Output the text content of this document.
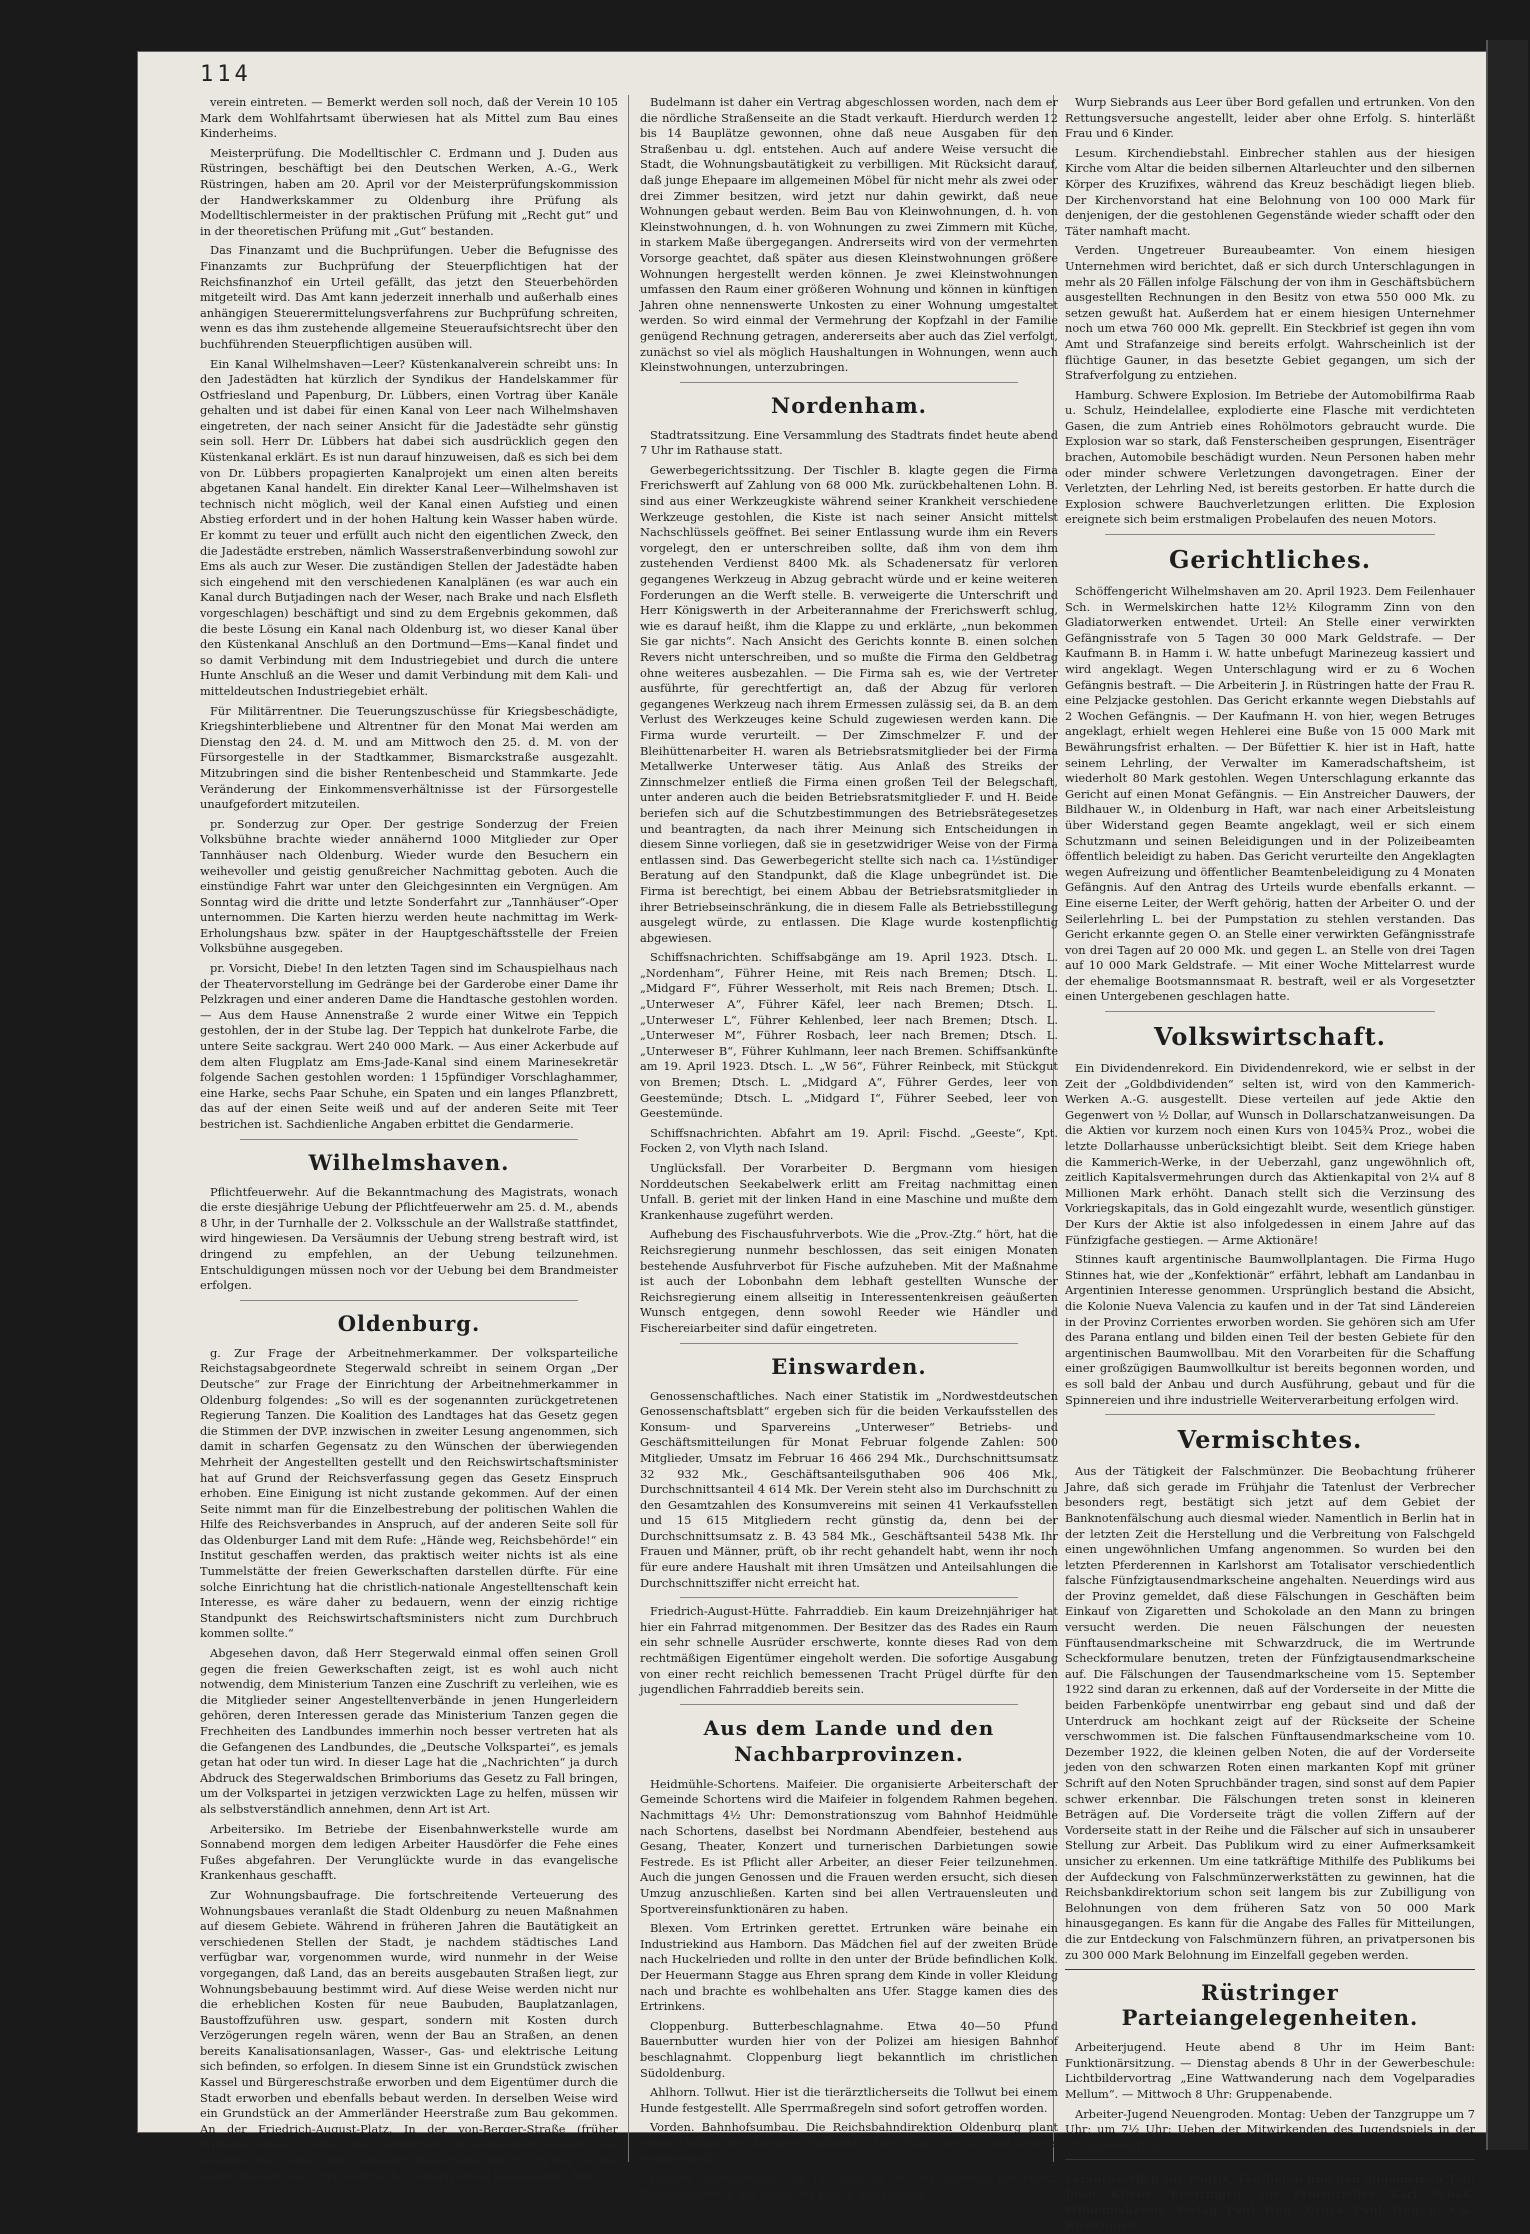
114

verein eintreten. — Bemerkt werden soll noch, daß der Verein 10 105 Mark dem Wohlfahrtsamt überwiesen hat als Mittel zum Bau eines Kinderheims.

Meisterprüfung. Die Modelltischler C. Erdmann und J. Duden aus Rüstringen, beschäftigt bei den Deutschen Werken, A.-G., Werk Rüstringen, haben am 20. April vor der Meisterprüfungskommission der Handwerkskammer zu Oldenburg ihre Prüfung als Modelltischlermeister in der praktischen Prüfung mit „Recht gut“ und in der theoretischen Prüfung mit „Gut“ bestanden.

Das Finanzamt und die Buchprüfungen. Ueber die Befugnisse des Finanzamts zur Buchprüfung der Steuerpflichtigen hat der Reichsfinanzhof ein Urteil gefällt, das jetzt den Steuerbehörden mitgeteilt wird. Das Amt kann jederzeit innerhalb und außerhalb eines anhängigen Steuerermittelungsverfahrens zur Buchprüfung schreiten, wenn es das ihm zustehende allgemeine Steueraufsichtsrecht über den buchführenden Steuerpflichtigen ausüben will.

Ein Kanal Wilhelmshaven—Leer? Küstenkanalverein schreibt uns: In den Jadestädten hat kürzlich der Syndikus der Handelskammer für Ostfriesland und Papenburg, Dr. Lübbers, einen Vortrag über Kanäle gehalten und ist dabei für einen Kanal von Leer nach Wilhelmshaven eingetreten, der nach seiner Ansicht für die Jadestädte sehr günstig sein soll. Herr Dr. Lübbers hat dabei sich ausdrücklich gegen den Küstenkanal erklärt. Es ist nun darauf hinzuweisen, daß es sich bei dem von Dr. Lübbers propagierten Kanalprojekt um einen alten bereits abgetanen Kanal handelt. Ein direkter Kanal Leer—Wilhelmshaven ist technisch nicht möglich, weil der Kanal einen Aufstieg und einen Abstieg erfordert und in der hohen Haltung kein Wasser haben würde. Er kommt zu teuer und erfüllt auch nicht den eigentlichen Zweck, den die Jadestädte erstreben, nämlich Wasserstraßenverbindung sowohl zur Ems als auch zur Weser. Die zuständigen Stellen der Jadestädte haben sich eingehend mit den verschiedenen Kanalplänen (es war auch ein Kanal durch Butjadingen nach der Weser, nach Brake und nach Elsfleth vorgeschlagen) beschäftigt und sind zu dem Ergebnis gekommen, daß die beste Lösung ein Kanal nach Oldenburg ist, wo dieser Kanal über den Küstenkanal Anschluß an den Dortmund—Ems—Kanal findet und so damit Verbindung mit dem Industriegebiet und durch die untere Hunte Anschluß an die Weser und damit Verbindung mit dem Kali- und mitteldeutschen Industriegebiet erhält.

Für Militärrentner. Die Teuerungszuschüsse für Kriegsbeschädigte, Kriegshinterbliebene und Altrentner für den Monat Mai werden am Dienstag den 24. d. M. und am Mittwoch den 25. d. M. von der Fürsorgestelle in der Stadtkammer, Bismarckstraße ausgezahlt. Mitzubringen sind die bisher Rentenbescheid und Stammkarte. Jede Veränderung der Einkommensverhältnisse ist der Fürsorgestelle unaufgefordert mitzuteilen.

pr. Sonderzug zur Oper. Der gestrige Sonderzug der Freien Volksbühne brachte wieder annähernd 1000 Mitglieder zur Oper Tannhäuser nach Oldenburg. Wieder wurde den Besuchern ein weihevoller und geistig genußreicher Nachmittag geboten. Auch die einstündige Fahrt war unter den Gleichgesinnten ein Vergnügen. Am Sonntag wird die dritte und letzte Sonderfahrt zur „Tannhäuser“-Oper unternommen. Die Karten hierzu werden heute nachmittag im Werk-Erholungshaus bzw. später in der Hauptgeschäftsstelle der Freien Volksbühne ausgegeben.

pr. Vorsicht, Diebe! In den letzten Tagen sind im Schauspielhaus nach der Theatervorstellung im Gedränge bei der Garderobe einer Dame ihr Pelzkragen und einer anderen Dame die Handtasche gestohlen worden. — Aus dem Hause Annenstraße 2 wurde einer Witwe ein Teppich gestohlen, der in der Stube lag. Der Teppich hat dunkelrote Farbe, die untere Seite sackgrau. Wert 240 000 Mark. — Aus einer Ackerbude auf dem alten Flugplatz am Ems-Jade-Kanal sind einem Marinesekretär folgende Sachen gestohlen worden: 1 15pfündiger Vorschlaghammer, eine Harke, sechs Paar Schuhe, ein Spaten und ein langes Pflanzbrett, das auf der einen Seite weiß und auf der anderen Seite mit Teer bestrichen ist. Sachdienliche Angaben erbittet die Gendarmerie.

Wilhelmshaven.

Pflichtfeuerwehr. Auf die Bekanntmachung des Magistrats, wonach die erste diesjährige Uebung der Pflichtfeuerwehr am 25. d. M., abends 8 Uhr, in der Turnhalle der 2. Volksschule an der Wallstraße stattfindet, wird hingewiesen. Da Versäumnis der Uebung streng bestraft wird, ist dringend zu empfehlen, an der Uebung teilzunehmen. Entschuldigungen müssen noch vor der Uebung bei dem Brandmeister erfolgen.

Oldenburg.

g. Zur Frage der Arbeitnehmerkammer. Der volksparteiliche Reichstagsabgeordnete Stegerwald schreibt in seinem Organ „Der Deutsche“ zur Frage der Einrichtung der Arbeitnehmerkammer in Oldenburg folgendes: „So will es der sogenannten zurückgetretenen Regierung Tanzen. Die Koalition des Landtages hat das Gesetz gegen die Stimmen der DVP. inzwischen in zweiter Lesung angenommen, sich damit in scharfen Gegensatz zu den Wünschen der überwiegenden Mehrheit der Angestellten gestellt und den Reichswirtschaftsminister hat auf Grund der Reichsverfassung gegen das Gesetz Einspruch erhoben. Eine Einigung ist nicht zustande gekommen. Auf der einen Seite nimmt man für die Einzelbestrebung der politischen Wahlen die Hilfe des Reichsverbandes in Anspruch, auf der anderen Seite soll für das Oldenburger Land mit dem Rufe: „Hände weg, Reichsbehörde!“ ein Institut geschaffen werden, das praktisch weiter nichts ist als eine Tummelstätte der freien Gewerkschaften darstellen dürfte. Für eine solche Einrichtung hat die christlich-nationale Angestelltenschaft kein Interesse, es wäre daher zu bedauern, wenn der einzig richtige Standpunkt des Reichswirtschaftsministers nicht zum Durchbruch kommen sollte.“

Abgesehen davon, daß Herr Stegerwald einmal offen seinen Groll gegen die freien Gewerkschaften zeigt, ist es wohl auch nicht notwendig, dem Ministerium Tanzen eine Zuschrift zu verleihen, wie es die Mitglieder seiner Angestelltenverbände in jenen Hungerleidern gehören, deren Interessen gerade das Ministerium Tanzen gegen die Frechheiten des Landbundes immerhin noch besser vertreten hat als die Gefangenen des Landbundes, die „Deutsche Volkspartei“, es jemals getan hat oder tun wird. In dieser Lage hat die „Nachrichten“ ja durch Abdruck des Stegerwaldschen Brimboriums das Gesetz zu Fall bringen, um der Volkspartei in jetzigen verzwickten Lage zu helfen, müssen wir als selbstverständlich annehmen, denn Art ist Art.

Arbeitersiko. Im Betriebe der Eisenbahnwerkstelle wurde am Sonnabend morgen dem ledigen Arbeiter Hausdörfer die Fehe eines Fußes abgefahren. Der Verunglückte wurde in das evangelische Krankenhaus geschafft.

Zur Wohnungsbaufrage. Die fortschreitende Verteuerung des Wohnungsbaues veranlaßt die Stadt Oldenburg zu neuen Maßnahmen auf diesem Gebiete. Während in früheren Jahren die Bautätigkeit an verschiedenen Stellen der Stadt, je nachdem städtisches Land verfügbar war, vorgenommen wurde, wird nunmehr in der Weise vorgegangen, daß Land, das an bereits ausgebauten Straßen liegt, zur Wohnungsbebauung bestimmt wird. Auf diese Weise werden nicht nur die erheblichen Kosten für neue Baubuden, Bauplatzanlagen, Baustoffzuführen usw. gespart, sondern mit Kosten durch Verzögerungen regeln wären, wenn der Bau an Straßen, an denen bereits Kanalisationsanlagen, Wasser-, Gas- und elektrische Leitung sich befinden, so erfolgen. In diesem Sinne ist ein Grundstück zwischen Kassel und Bürgereschstraße erworben und dem Eigentümer durch die Stadt erworben und ebenfalls bebaut werden. In derselben Weise wird ein Grundstück an der Ammerländer Heerstraße zum Bau gekommen. An der Friedrich-August-Platz. In der von-Berger-Straße (früher Wilhelm-Straße) sollen die nördlichen Straßenseiten bebaut, die Gelände, die bisher dem Landwirt Budelmann gehört. In der Straße liegen Wasser, Gas- und elektrische Leitung sowie Kanalisation. Mit

Budelmann ist daher ein Vertrag abgeschlossen worden, nach dem er die nördliche Straßenseite an die Stadt verkauft. Hierdurch werden 12 bis 14 Bauplätze gewonnen, ohne daß neue Ausgaben für den Straßenbau u. dgl. entstehen. Auch auf andere Weise versucht die Stadt, die Wohnungsbautätigkeit zu verbilligen. Mit Rücksicht darauf, daß junge Ehepaare im allgemeinen Möbel für nicht mehr als zwei oder drei Zimmer besitzen, wird jetzt nur dahin gewirkt, daß neue Wohnungen gebaut werden. Beim Bau von Kleinwohnungen, d. h. von Kleinstwohnungen, d. h. von Wohnungen zu zwei Zimmern mit Küche, in starkem Maße übergegangen. Andrerseits wird von der vermehrten Vorsorge geachtet, daß später aus diesen Kleinstwohnungen größere Wohnungen hergestellt werden können. Je zwei Kleinstwohnungen umfassen den Raum einer größeren Wohnung und können in künftigen Jahren ohne nennenswerte Unkosten zu einer Wohnung umgestaltet werden. So wird einmal der Vermehrung der Kopfzahl in der Familie genügend Rechnung getragen, andererseits aber auch das Ziel verfolgt, zunächst so viel als möglich Haushaltungen in Wohnungen, wenn auch Kleinstwohnungen, unterzubringen.

Nordenham.

Stadtratssitzung. Eine Versammlung des Stadtrats findet heute abend 7 Uhr im Rathause statt.

Gewerbegerichtssitzung. Der Tischler B. klagte gegen die Firma Frerichswerft auf Zahlung von 68 000 Mk. zurückbehaltenen Lohn. B. sind aus einer Werkzeugkiste während seiner Krankheit verschiedene Werkzeuge gestohlen, die Kiste ist nach seiner Ansicht mittelst Nachschlüssels geöffnet. Bei seiner Entlassung wurde ihm ein Revers vorgelegt, den er unterschreiben sollte, daß ihm von dem ihm zustehenden Verdienst 8400 Mk. als Schadenersatz für verloren gegangenes Werkzeug in Abzug gebracht würde und er keine weiteren Forderungen an die Werft stelle. B. verweigerte die Unterschrift und Herr Königswerth in der Arbeiterannahme der Frerichswerft schlug, wie es darauf heißt, ihm die Klappe zu und erklärte, „nun bekommen Sie gar nichts“. Nach Ansicht des Gerichts konnte B. einen solchen Revers nicht unterschreiben, und so mußte die Firma den Geldbetrag ohne weiteres ausbezahlen. — Die Firma sah es, wie der Vertreter ausführte, für gerechtfertigt an, daß der Abzug für verloren gegangenes Werkzeug nach ihrem Ermessen zulässig sei, da B. an dem Verlust des Werkzeuges keine Schuld zugewiesen werden kann. Die Firma wurde verurteilt. — Der Zimschmelzer F. und der Bleihüttenarbeiter H. waren als Betriebsratsmitglieder bei der Firma Metallwerke Unterweser tätig. Aus Anlaß des Streiks der Zinnschmelzer entließ die Firma einen großen Teil der Belegschaft, unter anderen auch die beiden Betriebsratsmitglieder F. und H. Beide beriefen sich auf die Schutzbestimmungen des Betriebsrätegesetzes und beantragten, da nach ihrer Meinung sich Entscheidungen in diesem Sinne vorliegen, daß sie in gesetzwidriger Weise von der Firma entlassen sind. Das Gewerbegericht stellte sich nach ca. 1½stündiger Beratung auf den Standpunkt, daß die Klage unbegründet ist. Die Firma ist berechtigt, bei einem Abbau der Betriebsratsmitglieder in ihrer Betriebseinschränkung, die in diesem Falle als Betriebsstillegung ausgelegt würde, zu entlassen. Die Klage wurde kostenpflichtig abgewiesen.

Schiffsnachrichten. Schiffsabgänge am 19. April 1923. Dtsch. L. „Nordenham“, Führer Heine, mit Reis nach Bremen; Dtsch. L. „Midgard F“, Führer Wesserholt, mit Reis nach Bremen; Dtsch. L. „Unterweser A“, Führer Käfel, leer nach Bremen; Dtsch. L. „Unterweser L“, Führer Kehlenbed, leer nach Bremen; Dtsch. L. „Unterweser M“, Führer Rosbach, leer nach Bremen; Dtsch. L. „Unterweser B“, Führer Kuhlmann, leer nach Bremen. Schiffsankünfte am 19. April 1923. Dtsch. L. „W 56“, Führer Reinbeck, mit Stückgut von Bremen; Dtsch. L. „Midgard A“, Führer Gerdes, leer von Geestemünde; Dtsch. L. „Midgard I“, Führer Seebed, leer von Geestemünde.

Schiffsnachrichten. Abfahrt am 19. April: Fischd. „Geeste“, Kpt. Focken 2, von Vlyth nach Island.

Unglücksfall. Der Vorarbeiter D. Bergmann vom hiesigen Norddeutschen Seekabelwerk erlitt am Freitag nachmittag einen Unfall. B. geriet mit der linken Hand in eine Maschine und mußte dem Krankenhause zugeführt werden.

Aufhebung des Fischausfuhrverbots. Wie die „Prov.-Ztg.“ hört, hat die Reichsregierung nunmehr beschlossen, das seit einigen Monaten bestehende Ausfuhrverbot für Fische aufzuheben. Mit der Maßnahme ist auch der Lobonbahn dem lebhaft gestellten Wunsche der Reichsregierung einem allseitig in Interessentenkreisen geäußerten Wunsch entgegen, denn sowohl Reeder wie Händler und Fischereiarbeiter sind dafür eingetreten.

Einswarden.

Genossenschaftliches. Nach einer Statistik im „Nordwestdeutschen Genossenschaftsblatt“ ergeben sich für die beiden Verkaufsstellen des Konsum- und Sparvereins „Unterweser“ Betriebs- und Geschäftsmitteilungen für Monat Februar folgende Zahlen: 500 Mitglieder, Umsatz im Februar 16 466 294 Mk., Durchschnittsumsatz 32 932 Mk., Geschäftsanteilsguthaben 906 406 Mk., Durchschnittsanteil 4 614 Mk. Der Verein steht also im Durchschnitt zu den Gesamtzahlen des Konsumvereins mit seinen 41 Verkaufsstellen und 15 615 Mitgliedern recht günstig da, denn bei der Durchschnittsumsatz z. B. 43 584 Mk., Geschäftsanteil 5438 Mk. Ihr Frauen und Männer, prüft, ob ihr recht gehandelt habt, wenn ihr noch für eure andere Haushalt mit ihren Umsätzen und Anteilsahlungen die Durchschnittsziffer nicht erreicht hat.

Friedrich-August-Hütte. Fahrraddieb. Ein kaum Dreizehnjähriger hat hier ein Fahrrad mitgenommen. Der Besitzer das des Rades ein Raum ein sehr schnelle Ausrüder erschwerte, konnte dieses Rad von dem rechtmäßigen Eigentümer eingeholt werden. Die sofortige Ausgabung von einer recht reichlich bemessenen Tracht Prügel dürfte für den jugendlichen Fahrraddieb bereits sein.

Aus dem Lande und den Nachbarprovinzen.

Heidmühle-Schortens. Maifeier. Die organisierte Arbeiterschaft der Gemeinde Schortens wird die Maifeier in folgendem Rahmen begehen. Nachmittags 4½ Uhr: Demonstrationszug vom Bahnhof Heidmühle nach Schortens, daselbst bei Nordmann Abendfeier, bestehend aus Gesang, Theater, Konzert und turnerischen Darbietungen sowie Festrede. Es ist Pflicht aller Arbeiter, an dieser Feier teilzunehmen. Auch die jungen Genossen und die Frauen werden ersucht, sich diesen Umzug anzuschließen. Karten sind bei allen Vertrauensleuten und Sportvereinsfunktionären zu haben.

Blexen. Vom Ertrinken gerettet. Ertrunken wäre beinahe ein Industriekind aus Hamborn. Das Mädchen fiel auf der zweiten Brüde nach Huckelrieden und rollte in den unter der Brüde befindlichen Kolk. Der Heuermann Stagge aus Ehren sprang dem Kinde in voller Kleidung nach und brachte es wohlbehalten ans Ufer. Stagge kamen dies des Ertrinkens.

Cloppenburg. Butterbeschlagnahme. Etwa 40—50 Pfund Bauernbutter wurden hier von der Polizei am hiesigen Bahnhof beschlagnahmt. Cloppenburg liegt bekanntlich im christlichen Südoldenburg.

Ahlhorn. Tollwut. Hier ist die tierärztlicherseits die Tollwut bei einem Hunde festgestellt. Alle Sperrmaßregeln sind sofort getroffen worden.

Vorden. Bahnhofsumbau. Die Reichsbahndirektion Oldenburg plant einen Umbau des hiesigen Bahnhofs. Die Pläne hierfür sind bereits fertiggestellt.

Emden. Seemannslos. Am 11. April ist bei der Ausreise mit einem Fischdampfer in der Nähe der Knock der Fischer

Wurp Siebrands aus Leer über Bord gefallen und ertrunken. Von den Rettungsversuche angestellt, leider aber ohne Erfolg. S. hinterläßt Frau und 6 Kinder.

Lesum. Kirchendiebstahl. Einbrecher stahlen aus der hiesigen Kirche vom Altar die beiden silbernen Altarleuchter und den silbernen Körper des Kruzifixes, während das Kreuz beschädigt liegen blieb. Der Kirchenvorstand hat eine Belohnung von 100 000 Mark für denjenigen, der die gestohlenen Gegenstände wieder schafft oder den Täter namhaft macht.

Verden. Ungetreuer Bureaubeamter. Von einem hiesigen Unternehmen wird berichtet, daß er sich durch Unterschlagungen in mehr als 20 Fällen infolge Fälschung der von ihm in Geschäftsbüchern ausgestellten Rechnungen in den Besitz von etwa 550 000 Mk. zu setzen gewußt hat. Außerdem hat er einem hiesigen Unternehmer noch um etwa 760 000 Mk. geprellt. Ein Steckbrief ist gegen ihn vom Amt und Strafanzeige sind bereits erfolgt. Wahrscheinlich ist der flüchtige Gauner, in das besetzte Gebiet gegangen, um sich der Strafverfolgung zu entziehen.

Hamburg. Schwere Explosion. Im Betriebe der Automobilfirma Raab u. Schulz, Heindelallee, explodierte eine Flasche mit verdichteten Gasen, die zum Antrieb eines Rohölmotors gebraucht wurde. Die Explosion war so stark, daß Fensterscheiben gesprungen, Eisenträger brachen, Automobile beschädigt wurden. Neun Personen haben mehr oder minder schwere Verletzungen davongetragen. Einer der Verletzten, der Lehrling Ned, ist bereits gestorben. Er hatte durch die Explosion schwere Bauchverletzungen erlitten. Die Explosion ereignete sich beim erstmaligen Probelaufen des neuen Motors.

Gerichtliches.

Schöffengericht Wilhelmshaven am 20. April 1923. Dem Feilenhauer Sch. in Wermelskirchen hatte 12½ Kilogramm Zinn von den Gladiatorwerken entwendet. Urteil: An Stelle einer verwirkten Gefängnisstrafe von 5 Tagen 30 000 Mark Geldstrafe. — Der Kaufmann B. in Hamm i. W. hatte unbefugt Marinezeug kassiert und wird angeklagt. Wegen Unterschlagung wird er zu 6 Wochen Gefängnis bestraft. — Die Arbeiterin J. in Rüstringen hatte der Frau R. eine Pelzjacke gestohlen. Das Gericht erkannte wegen Diebstahls auf 2 Wochen Gefängnis. — Der Kaufmann H. von hier, wegen Betruges angeklagt, erhielt wegen Hehlerei eine Buße von 15 000 Mark mit Bewährungsfrist erhalten. — Der Büfettier K. hier ist in Haft, hatte seinem Lehrling, der Verwalter im Kameradschaftsheim, ist wiederholt 80 Mark gestohlen. Wegen Unterschlagung erkannte das Gericht auf einen Monat Gefängnis. — Ein Anstreicher Dauwers, der Bildhauer W., in Oldenburg in Haft, war nach einer Arbeitsleistung über Widerstand gegen Beamte angeklagt, weil er sich einem Schutzmann und seinen Beleidigungen und in der Polizeibeamten öffentlich beleidigt zu haben. Das Gericht verurteilte den Angeklagten wegen Aufreizung und öffentlicher Beamtenbeleidigung zu 4 Monaten Gefängnis. Auf den Antrag des Urteils wurde ebenfalls erkannt. — Eine eiserne Leiter, der Werft gehörig, hatten der Arbeiter O. und der Seilerlehrling L. bei der Pumpstation zu stehlen verstanden. Das Gericht erkannte gegen O. an Stelle einer verwirkten Gefängnisstrafe von drei Tagen auf 20 000 Mk. und gegen L. an Stelle von drei Tagen auf 10 000 Mark Geldstrafe. — Mit einer Woche Mittelarrest wurde der ehemalige Bootsmannsmaat R. bestraft, weil er als Vorgesetzter einen Untergebenen geschlagen hatte.

Volkswirtschaft.

Ein Dividendenrekord. Ein Dividendenrekord, wie er selbst in der Zeit der „Goldbdividenden“ selten ist, wird von den Kammerich-Werken A.-G. ausgestellt. Diese verteilen auf jede Aktie den Gegenwert von ½ Dollar, auf Wunsch in Dollarschatzanweisungen. Da die Aktien vor kurzem noch einen Kurs von 1045¾ Proz., wobei die letzte Dollarhausse unberücksichtigt bleibt. Seit dem Kriege haben die Kammerich-Werke, in der Ueberzahl, ganz ungewöhnlich oft, zeitlich Kapitalsvermehrungen durch das Aktienkapital von 2¼ auf 8 Millionen Mark erhöht. Danach stellt sich die Verzinsung des Vorkriegskapitals, das in Gold eingezahlt wurde, wesentlich günstiger. Der Kurs der Aktie ist also infolgedessen in einem Jahre auf das Fünfzigfache gestiegen. — Arme Aktionäre!

Stinnes kauft argentinische Baumwollplantagen. Die Firma Hugo Stinnes hat, wie der „Konfektionär“ erfährt, lebhaft am Landanbau in Argentinien Interesse genommen. Ursprünglich bestand die Absicht, die Kolonie Nueva Valencia zu kaufen und in der Tat sind Ländereien in der Provinz Corrientes erworben worden. Sie gehören sich am Ufer des Parana entlang und bilden einen Teil der besten Gebiete für den argentinischen Baumwollbau. Mit den Vorarbeiten für die Schaffung einer großzügigen Baumwollkultur ist bereits begonnen worden, und es soll bald der Anbau und durch Ausführung, gebaut und für die Spinnereien und ihre industrielle Weiterverarbeitung erfolgen wird.

Vermischtes.

Aus der Tätigkeit der Falschmünzer. Die Beobachtung früherer Jahre, daß sich gerade im Frühjahr die Tatenlust der Verbrecher besonders regt, bestätigt sich jetzt auf dem Gebiet der Banknotenfälschung auch diesmal wieder. Namentlich in Berlin hat in der letzten Zeit die Herstellung und die Verbreitung von Falschgeld einen ungewöhnlichen Umfang angenommen. So wurden bei den letzten Pferderennen in Karlshorst am Totalisator verschiedentlich falsche Fünfzigtausendmarkscheine angehalten. Neuerdings wird aus der Provinz gemeldet, daß diese Fälschungen in Geschäften beim Einkauf von Zigaretten und Schokolade an den Mann zu bringen versucht werden. Die neuen Fälschungen der neuesten Fünftausendmarkscheine mit Schwarzdruck, die im Wertrunde Scheckformulare benutzen, treten der Fünfzigtausendmarkscheine auf. Die Fälschungen der Tausendmarkscheine vom 15. September 1922 sind daran zu erkennen, daß auf der Vorderseite in der Mitte die beiden Farbenköpfe unentwirrbar eng gebaut sind und daß der Unterdruck am hochkant zeigt auf der Rückseite der Scheine verschwommen ist. Die falschen Fünftausendmarkscheine vom 10. Dezember 1922, die kleinen gelben Noten, die auf der Vorderseite jeden von den schwarzen Roten einen markanten Kopf mit grüner Schrift auf den Noten Spruchbänder tragen, sind sonst auf dem Papier schwer erkennbar. Die Fälschungen treten sonst in kleineren Beträgen auf. Die Vorderseite trägt die vollen Ziffern auf der Vorderseite statt in der Reihe und die Fälscher auf sich in unsauberer Stellung zur Arbeit. Das Publikum wird zu einer Aufmerksamkeit unsicher zu erkennen. Um eine tatkräftige Mithilfe des Publikums bei der Aufdeckung von Falschmünzerwerkstätten zu gewinnen, hat die Reichsbankdirektorium schon seit langem bis zur Zubilligung von Belohnungen von dem früheren Satz von 50 000 Mark hinausgegangen. Es kann für die Angabe des Falles für Mitteilungen, die zur Entdeckung von Falschmünzern führen, an privatpersonen bis zu 300 000 Mark Belohnung im Einzelfall gegeben werden.

Rüstringer Parteiangelegenheiten.

Arbeiterjugend. Heute abend 8 Uhr im Heim Bant: Funktionärsitzung. — Dienstag abends 8 Uhr in der Gewerbeschule: Lichtbildervortrag „Eine Wattwanderung nach dem Vogelparadies Mellum“. — Mittwoch 8 Uhr: Gruppenabende.

Arbeiter-Jugend Neuengroden. Montag: Ueben der Tanzgruppe um 7 Uhr; um 7½ Uhr: Ueben der Mitwirkenden des Jugendspiels in der „Nordseestation“.

Verantwortlich für Politik, Feuilleton und den allgemeinen Teil: Josef Kliche, Rüstringen, für Provinzielles Karl Schaß, Wilhelmshaven. Verlag Paul Hug, Druck Paul Hug u. Co., Rüstringen.
